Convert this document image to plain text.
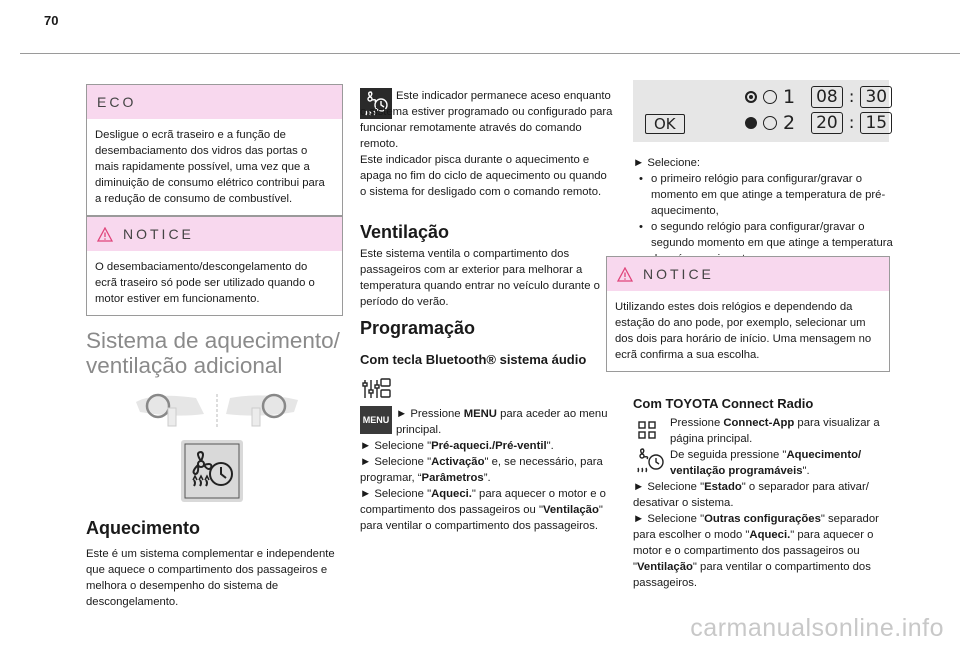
70
ECO
Desligue o ecrã traseiro e a função de desembaciamento dos vidros das portas o mais rapidamente possível, uma vez que a diminuição de consumo elétrico contribui para a redução de consumo de combustível.
NOTICE
O desembaciamento/descongelamento do ecrã traseiro só pode ser utilizado quando o motor estiver em funcionamento.
Sistema de aquecimento/
ventilação adicional
Aquecimento
Este é um sistema complementar e independente que aquece o compartimento dos passageiros e melhora o desempenho do sistema de descongelamento.
Este indicador permanece aceso enquanto o sistema estiver programado ou configurado para funcionar remotamente através do comando remoto.
Este indicador pisca durante o aquecimento e apaga no fim do ciclo de aquecimento ou quando o sistema for desligado com o comando remoto.
Ventilação
Este sistema ventila o compartimento dos passageiros com ar exterior para melhorar a temperatura quando entrar no veículo durante o período do verão.
Programação
Com tecla Bluetooth® sistema áudio
MENU ► Pressione MENU para aceder ao menu principal.
► Selecione "Pré-aqueci./Pré-ventil".
► Selecione "Activação" e, se necessário, para programar, “Parâmetros”.
► Selecione "Aqueci." para aquecer o motor e o compartimento dos passageiros ou "Ventilação" para ventilar o compartimento dos passageiros.
OK
1 08 : 30
2 20 : 15
► Selecione:
• o primeiro relógio para configurar/gravar o momento em que atinge a temperatura de pré-aquecimento,
• o segundo relógio para configurar/gravar o segundo momento em que atinge a temperatura
NOTICE
Utilizando estes dois relógios e dependendo da estação do ano pode, por exemplo, selecionar um dos dois para horário de início. Uma mensagem no ecrã confirma a sua escolha.
Com TOYOTA Connect Radio
Pressione Connect-App para visualizar a página principal.
De seguida pressione "Aquecimento/ ventilação programáveis".
► Selecione "Estado" o separador para ativar/ desativar o sistema.
► Selecione "Outras configurações" separador para escolher o modo "Aqueci." para aquecer o motor e o compartimento dos passageiros ou "Ventilação" para ventilar o compartimento dos passageiros.
carmanualsonline.info
